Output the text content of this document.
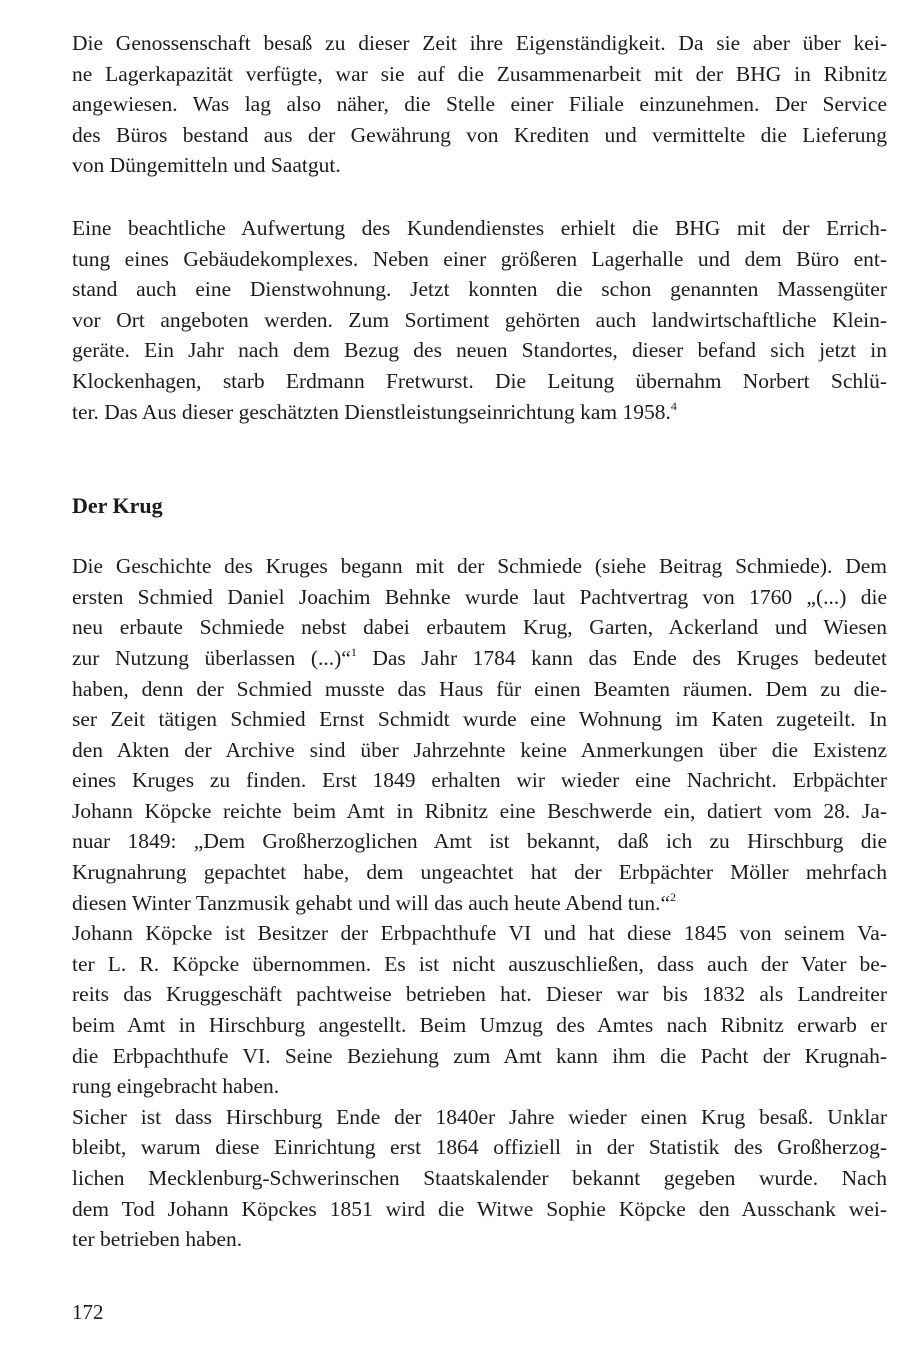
Die Genossenschaft besaß zu dieser Zeit ihre Eigenständigkeit. Da sie aber über kei-
ne Lagerkapazität verfügte, war sie auf die Zusammenarbeit mit der BHG in Ribnitz
angewiesen. Was lag also näher, die Stelle einer Filiale einzunehmen. Der Service
des Büros bestand aus der Gewährung von Krediten und vermittelte die Lieferung
von Düngemitteln und Saatgut.

Eine beachtliche Aufwertung des Kundendienstes erhielt die BHG mit der Errich-
tung eines Gebäudekomplexes. Neben einer größeren Lagerhalle und dem Büro ent-
stand auch eine Dienstwohnung. Jetzt konnten die schon genannten Massengüter
vor Ort angeboten werden. Zum Sortiment gehörten auch landwirtschaftliche Klein-
geräte. Ein Jahr nach dem Bezug des neuen Standortes, dieser befand sich jetzt in
Klockenhagen, starb Erdmann Fretwurst. Die Leitung übernahm Norbert Schlü-
ter. Das Aus dieser geschätzten Dienstleistungseinrichtung kam 1958.$^4$

Der Krug

Die Geschichte des Kruges begann mit der Schmiede (siehe Beitrag Schmiede). Dem
ersten Schmied Daniel Joachim Behnke wurde laut Pachtvertrag von 1760 „(...) die
neu erbaute Schmiede nebst dabei erbautem Krug, Garten, Ackerland und Wiesen
zur Nutzung überlassen (...)“$^1$ Das Jahr 1784 kann das Ende des Kruges bedeutet
haben, denn der Schmied musste das Haus für einen Beamten räumen. Dem zu die-
ser Zeit tätigen Schmied Ernst Schmidt wurde eine Wohnung im Katen zugeteilt. In
den Akten der Archive sind über Jahrzehnte keine Anmerkungen über die Existenz
eines Kruges zu finden. Erst 1849 erhalten wir wieder eine Nachricht. Erbpächter
Johann Köpcke reichte beim Amt in Ribnitz eine Beschwerde ein, datiert vom 28. Ja-
nuar 1849: „Dem Großherzoglichen Amt ist bekannt, daß ich zu Hirschburg die
Krugnahrung gepachtet habe, dem ungeachtet hat der Erbpächter Möller mehrfach
diesen Winter Tanzmusik gehabt und will das auch heute Abend tun.“$^2$

Johann Köpcke ist Besitzer der Erbpachthufe VI und hat diese 1845 von seinem Va-
ter L. R. Köpcke übernommen. Es ist nicht auszuschließen, dass auch der Vater be-
reits das Kruggeschäft pachtweise betrieben hat. Dieser war bis 1832 als Landreiter
beim Amt in Hirschburg angestellt. Beim Umzug des Amtes nach Ribnitz erwarb er
die Erbpachthufe VI. Seine Beziehung zum Amt kann ihm die Pacht der Krugnah-
rung eingebracht haben.

Sicher ist dass Hirschburg Ende der 1840er Jahre wieder einen Krug besaß. Unklar
bleibt, warum diese Einrichtung erst 1864 offiziell in der Statistik des Großherzog-
lichen Mecklenburg-Schwerinschen Staatskalender bekannt gegeben wurde. Nach
dem Tod Johann Köpckes 1851 wird die Witwe Sophie Köpcke den Ausschank wei-
ter betrieben haben.

172
